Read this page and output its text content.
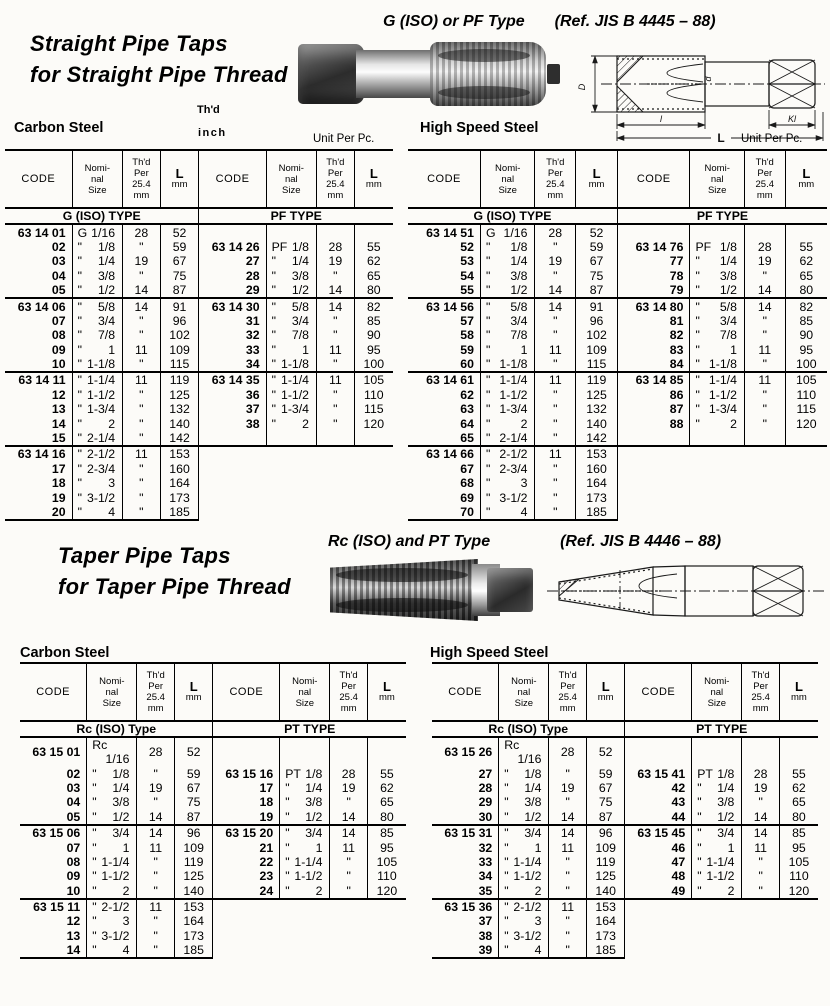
Straight Pipe Taps
for Straight Pipe Thread
G (ISO) or PF Type (Ref. JIS B 4445 – 88)
D
d
l	Kl
L
Th'd
inch
Carbon Steel
Unit Per Pc.
High Speed Steel
Unit Per Pc.
CODE

Nomi-
nal
Size

Th'd
Per
25.4
mm

L
mm	CODE

Nomi-
nal
Size

Th'd
Per
25.4
mm

L
mm

G (ISO) TYPE				PF TYPE			
63 14 01	G 1/16	28	52				
02	" 1/8	"	59	63 14 26	PF 1/8	28	55
03	" 1/4	19	67	27	" 1/4	19	62
04	" 3/8	"	75	28	" 3/8	"	65
05	" 1/2	14	87	29	" 1/2	14	80
63 14 06	" 5/8	14	91	63 14 30	" 5/8	14	82
07	" 3/4	"	96	31	" 3/4	"	85
08	" 7/8	"	102	32	" 7/8	"	90
09	" 1	11	109	33	" 1	11	95
10	" 1-1/8	"	115	34	" 1-1/8	"	100
63 14 11	" 1-1/4	11	119	63 14 35	" 1-1/4	11	105
12	" 1-1/2	"	125	36	" 1-1/2	"	110
13	" 1-3/4	"	132	37	" 1-3/4	"	115
14	" 2	"	140	38	" 2	"	120
15	" 2-1/4	"	142				
63 14 16	" 2-1/2	11	153				
17	" 2-3/4	"	160				
18	" 3	"	164				
19	" 3-1/2	"	173				
20	" 4	"	185				
CODE

Nomi-
nal
Size

Th'd
Per
25.4
mm

L
mm	CODE

Nomi-
nal
Size

Th'd
Per
25.4
mm

L
mm

G (ISO) TYPE				PF TYPE			
63 14 51	G 1/16	28	52				
52	" 1/8	"	59	63 14 76	PF 1/8	28	55
53	" 1/4	19	67	77	" 1/4	19	62
54	" 3/8	"	75	78	" 3/8	"	65
55	" 1/2	14	87	79	" 1/2	14	80
63 14 56	" 5/8	14	91	63 14 80	" 5/8	14	82
57	" 3/4	"	96	81	" 3/4	"	85
58	" 7/8	"	102	82	" 7/8	"	90
59	" 1	11	109	83	" 1	11	95
60	" 1-1/8	"	115	84	" 1-1/8	"	100
63 14 61	" 1-1/4	11	119	63 14 85	" 1-1/4	11	105
62	" 1-1/2	"	125	86	" 1-1/2	"	110
63	" 1-3/4	"	132	87	" 1-3/4	"	115
64	" 2	"	140	88	" 2	"	120
65	" 2-1/4	"	142				
63 14 66	" 2-1/2	11	153				
67	" 2-3/4	"	160				
68	" 3	"	164				
69	" 3-1/2	"	173				
70	" 4	"	185				
Taper Pipe Taps
for Taper Pipe Thread
Rc (ISO) and PT Type	(Ref. JIS B 4446 – 88)
Carbon Steel	High Speed Steel
CODE

Nomi-
nal
Size

Th'd
Per
25.4
mm

L
mm	CODE

Nomi-
nal
Size

Th'd
Per
25.4
mm

L
mm

Rc (ISO) Type				PT TYPE			
63 15 01	Rc
1/16	28	52				
02	" 1/8	"	59	63 15 16	PT 1/8	28	55
03	" 1/4	19	67	17	" 1/4	19	62
04	" 3/8	"	75	18	" 3/8	"	65
05	" 1/2	14	87	19	" 1/2	14	80
63 15 06	" 3/4	14	96	63 15 20	" 3/4	14	85
07	" 1	11	109	21	" 1	11	95
08	" 1-1/4	"	119	22	" 1-1/4	"	105
09	" 1-1/2	"	125	23	" 1-1/2	"	110
10	" 2	"	140	24	" 2	"	120
63 15 11	" 2-1/2	11	153				
12	" 3	"	164				
13	" 3-1/2	"	173				
14	" 4	"	185				
CODE

Nomi-
nal
Size

Th'd
Per
25.4
mm

L
mm	CODE

Nomi-
nal
Size

Th'd
Per
25.4
mm

L
mm

Rc (ISO) Type				PT TYPE			
63 15 26	Rc
1/16	28	52				
27	" 1/8	"	59	63 15 41	PT 1/8	28	55
28	" 1/4	19	67	42	" 1/4	19	62
29	" 3/8	"	75	43	" 3/8	"	65
30	" 1/2	14	87	44	" 1/2	14	80
63 15 31	" 3/4	14	96	63 15 45	" 3/4	14	85
32	" 1	11	109	46	" 1	11	95
33	" 1-1/4	"	119	47	" 1-1/4	"	105
34	" 1-1/2	"	125	48	" 1-1/2	"	110
35	" 2	"	140	49	" 2	"	120
63 15 36	" 2-1/2	11	153				
37	" 3	"	164				
38	" 3-1/2	"	173				
39	" 4	"	185				
